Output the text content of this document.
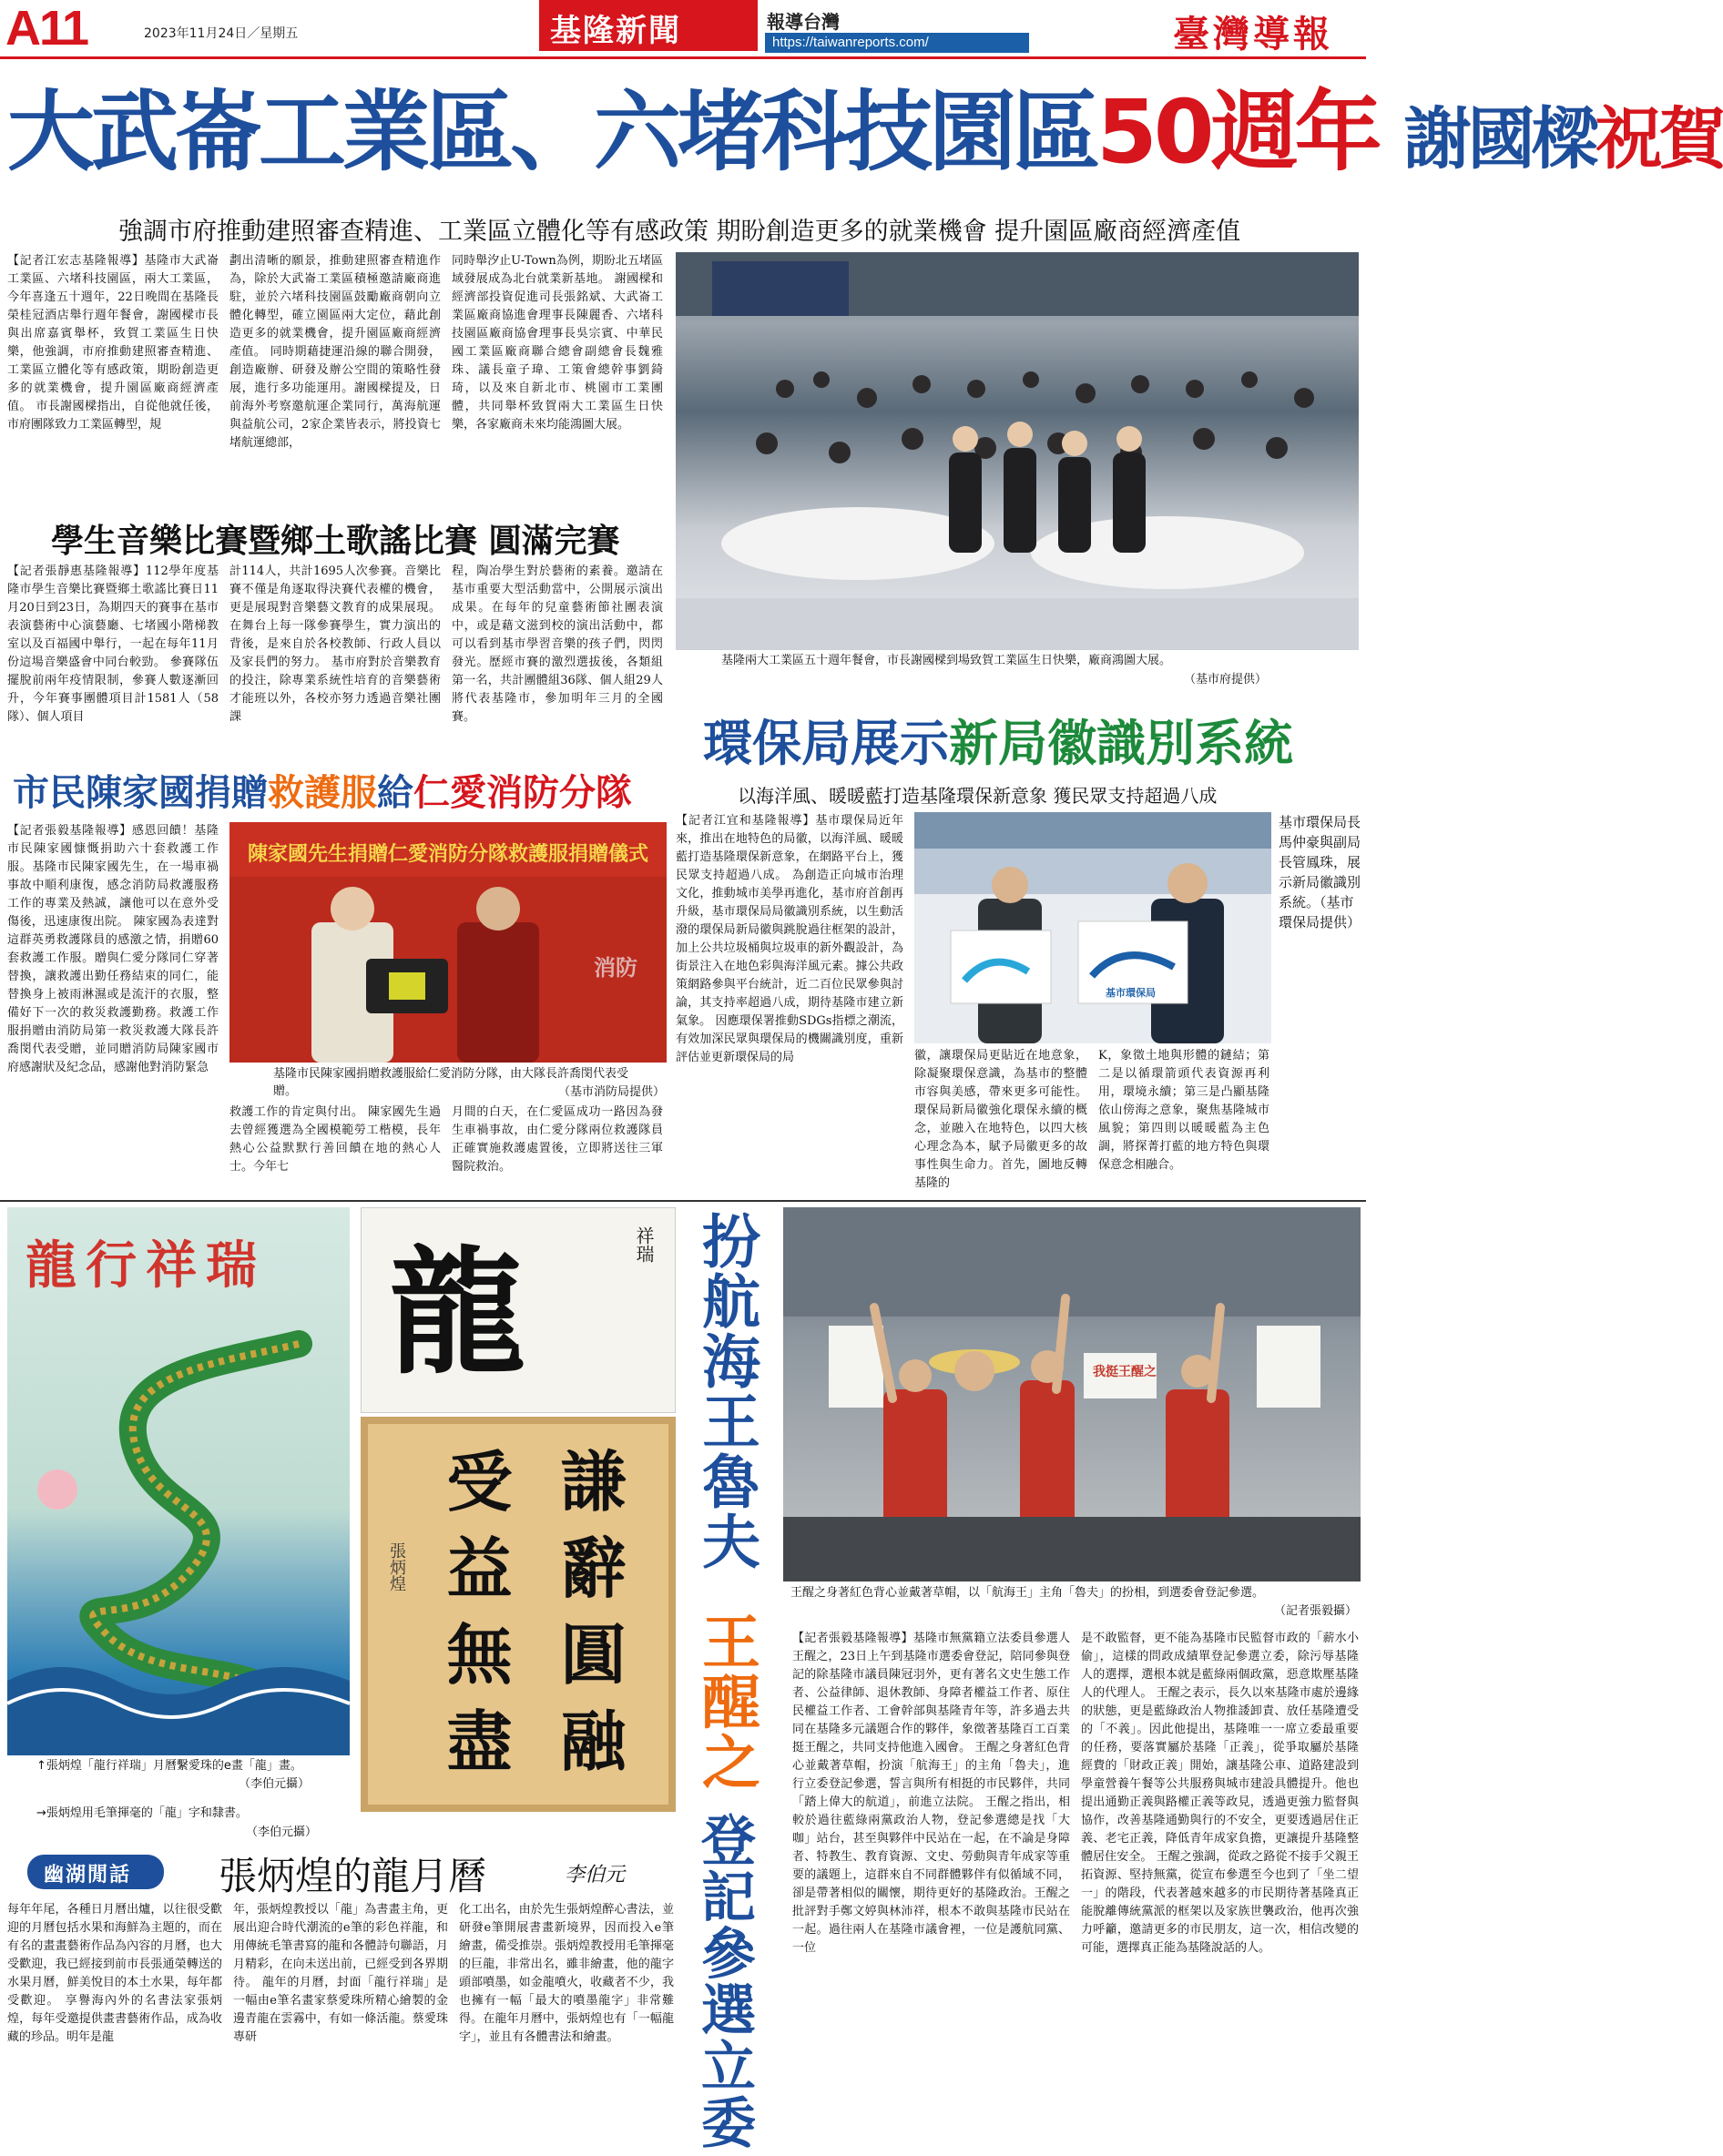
A11	2023年11月24日／星期五	基隆新聞	報導台灣
https://taiwanreports.com/	臺灣導報
大武崙工業區、六堵科技園區50週年 謝國樑祝賀
強調市府推動建照審查精進、工業區立體化等有感政策 期盼創造更多的就業機會 提升園區廠商經濟產值
【記者江宏志基隆報導】基隆市大武崙工業區、六堵科技園區，兩大工業區，今年喜逢五十週年，22日晚間在基隆長榮桂冠酒店舉行週年餐會，謝國樑市長與出席嘉賓舉杯，致賀工業區生日快樂，他強調，市府推動建照審查精進、工業區立體化等有感政策，期盼創造更多的就業機會，提升園區廠商經濟產值。 市長謝國樑指出，自從他就任後，市府團隊致力工業區轉型，規
劃出清晰的願景，推動建照審查精進作為，除於大武崙工業區積極邀請廠商進駐，並於六堵科技園區鼓勵廠商朝向立體化轉型，確立園區兩大定位，藉此創造更多的就業機會，提升園區廠商經濟產值。 同時期藉捷運沿線的聯合開發，創造廠辦、研發及辦公空間的策略性發展，進行多功能運用。謝國樑提及，日前海外考察邀航運企業同行，萬海航運與益航公司，2家企業皆表示，將投資七堵航運總部，
同時舉汐止U-Town為例，期盼北五堵區域發展成為北台就業新基地。 謝國樑和經濟部投資促進司長張銘斌、大武崙工業區廠商協進會理事長陳麗香、六堵科技園區廠商協會理事長吳宗賓、中華民國工業區廠商聯合總會副總會長魏雅珠、議長童子瑋、工策會總幹事劉錡琦，以及來自新北市、桃園市工業團體，共同舉杯致賀兩大工業區生日快樂，各家廠商未來均能鴻圖大展。
基隆兩大工業區五十週年餐會，市長謝國樑到場致賀工業區生日快樂，廠商鴻圖大展。
（基市府提供）
學生音樂比賽暨鄉土歌謠比賽 圓滿完賽
【記者張靜惠基隆報導】112學年度基隆市學生音樂比賽暨鄉土歌謠比賽日11月20日到23日，為期四天的賽事在基市表演藝術中心演藝廳、七堵國小階梯教室以及百福國中舉行，一起在每年11月份這場音樂盛會中同台較勁。 參賽隊伍擺脫前兩年疫情限制，參賽人數逐漸回升，今年賽事團體項目計1581人（58隊）、個人項目
計114人，共計1695人次參賽。音樂比賽不僅是角逐取得決賽代表權的機會，更是展現對音樂藝文教育的成果展現。在舞台上每一隊參賽學生，實力演出的背後，是來自於各校教師、行政人員以及家長們的努力。 基市府對於音樂教育的投注，除專業系統性培育的音樂藝術才能班以外，各校亦努力透過音樂社團課
程，陶冶學生對於藝術的素養。邀請在基市重要大型活動當中，公開展示演出成果。在每年的兒童藝術節社團表演中，或是藉文滋到校的演出活動中，都可以看到基市學習音樂的孩子們，閃閃發光。歷經市賽的激烈選拔後，各類組第一名，共計團體組36隊、個人組29人將代表基隆市，參加明年三月的全國賽。
市民陳家國捐贈救護服給仁愛消防分隊
【記者張毅基隆報導】感恩回饋！基隆市民陳家國慷慨捐助六十套救護工作服。基隆市民陳家國先生，在一場車禍事故中順利康復，感念消防局救護服務工作的專業及熱誠，讓他可以在意外受傷後，迅速康復出院。 陳家國為表達對這群英勇救護隊員的感激之情，捐贈60套救護工作服。贈與仁愛分隊同仁穿著替換，讓救護出勤任務結束的同仁，能替換身上被雨淋濕或是流汗的衣服，整備好下一次的救災救護勤務。救護工作服捐贈由消防局第一救災救護大隊長許喬閔代表受贈，並同贈消防局陳家國市府感謝狀及紀念品，感謝他對消防緊急
陳家國先生捐贈仁愛消防分隊救護服捐贈儀式
消防
基隆市民陳家國捐贈救護服給仁愛消防分隊，由大隊長許喬閔代表受贈。	（基市消防局提供）
救護工作的肯定與付出。 陳家國先生過去曾經獲選為全國模範勞工楷模，長年熱心公益默默行善回饋在地的熱心人士。今年七
月間的白天，在仁愛區成功一路因為發生車禍事故，由仁愛分隊兩位救護隊員正確實施救護處置後，立即將送往三軍醫院救治。
環保局展示新局徽識別系統
以海洋風、暖暖藍打造基隆環保新意象 獲民眾支持超過八成
【記者江宜和基隆報導】基市環保局近年來，推出在地特色的局徽，以海洋風、暖暖藍打造基隆環保新意象，在網路平台上，獲民眾支持超過八成。 為創造正向城市治理文化，推動城市美學再進化，基市府首創再升級，基市環保局局徽識別系統，以生動活潑的環保局新局徽與跳脫過往框架的設計，加上公共垃圾桶與垃圾車的新外觀設計，為街景注入在地色彩與海洋風元素。據公共政策網路參與平台統計，近二百位民眾參與討論，其支持率超過八成，期待基隆市建立新氣象。 因應環保署推動SDGs指標之潮流，有效加深民眾與環保局的機關識別度，重新評估並更新環保局的局
基市環保局
基市環保局長馬仲豪與副局長管鳳珠，展示新局徽識別系統。（基市環保局提供）
徽，讓環保局更貼近在地意象，除凝聚環保意識，為基市的整體市容與美感，帶來更多可能性。 環保局新局徽強化環保永續的概念，並融入在地特色，以四大核心理念為本，賦予局徽更多的故事性與生命力。首先，圖地反轉基隆的
K，象徵土地與形體的鏈結；第二是以循環箭頭代表資源再利用，環境永續；第三是凸顯基隆依山傍海之意象，聚焦基隆城市風貌；第四則以暖暖藍為主色調，將探菁打藍的地方特色與環保意念相融合。
龍行祥瑞
↑張炳煌「龍行祥瑞」月曆繫愛珠的e畫「龍」畫。
（李伯元攝）
龍	祥瑞
謙
辭
圓
融
受
益
無
盡
張炳煌
→張炳煌用毛筆揮毫的「龍」字和隸書。
（李伯元攝）
幽湖閒話 張炳煌的龍月曆	李伯元
每年年尾，各種日月曆出爐，以往很受歡迎的月曆包括水果和海鮮為主題的，而在有名的畫畫藝術作品為內容的月曆，也大受歡迎，我已經接到前市長張通榮轉送的水果月曆，鮮美悅目的本土水果，每年都受歡迎。 享譽海內外的名書法家張炳煌，每年受邀提供畫書藝術作品，成為收藏的珍品。明年是龍
年，張炳煌教授以「龍」為書畫主角，更展出迎合時代潮流的e筆的彩色祥龍，和用傳統毛筆書寫的龍和各體詩句聯語，月月精彩，在向未送出前，已經受到各界期待。 龍年的月曆，封面「龍行祥瑞」是一幅由e筆名畫家蔡愛珠所精心繪製的金邊青龍在雲霧中，有如一條活龍。蔡愛珠專研
化工出名，由於先生張炳煌醉心書法，並研發e筆開展書畫新境界，因而投入e筆繪畫，備受推崇。張炳煌教授用毛筆揮毫的巨龍，非常出名，雖非繪畫，他的龍字頭部噴墨，如金龍噴火，收藏者不少，我也擁有一幅「最大的噴墨龍字」非常難得。在龍年月曆中，張炳煌也有「一幅龍字」，並且有各體書法和繪畫。
扮航海王魯夫
王醒之
登記參選立委
我挺王醒之
王醒之身著紅色背心並戴著草帽，以「航海王」主角「魯夫」的扮相，到選委會登記參選。
（記者張毅攝）
【記者張毅基隆報導】基隆市無黨籍立法委員參選人王醒之，23日上午到基隆市選委會登記，陪同參與登記的除基隆市議員陳冠羽外，更有著名文史生態工作者、公益律師、退休教師、身障者權益工作者、原住民權益工作者、工會幹部與基隆青年等，許多過去共同在基隆多元議題合作的夥伴，象徵著基隆百工百業挺王醒之，共同支持他進入國會。 王醒之身著紅色背心並戴著草帽，扮演「航海王」的主角「魯夫」，進行立委登記參選，誓言與所有相挺的市民夥伴，共同「踏上偉大的航道」，前進立法院。 王醒之指出，相較於過往藍綠兩黨政治人物，登記參選總是找「大咖」站台，甚至與夥伴中民站在一起，在不論是身障者、特教生、教育資源、文史、勞動與青年成家等重要的議題上，這群來自不同群體夥伴有似循域不同，卻是帶著相似的關懷，期待更好的基隆政治。王醒之批評對手鄭文婷與林沛祥，根本不敢與基隆市民站在一起。過往兩人在基隆市議會裡，一位是護航同黨、一位
是不敢監督，更不能為基隆市民監督市政的「薪水小偷」，這樣的問政成績單登記參選立委，除污辱基隆人的選擇，選根本就是藍綠兩個政黨，惡意欺壓基隆人的代理人。 王醒之表示，長久以來基隆市處於邊緣的狀態，更是藍綠政治人物推諉卸責、放任基隆遭受的「不義」。因此他提出，基隆唯一一席立委最重要的任務，要落實屬於基隆「正義」，從爭取屬於基隆經費的「財政正義」開始，讓基隆公車、道路建設到學童營養午餐等公共服務與城市建設具體提升。他也提出通勤正義與路權正義等政見，透過更強力監督與協作，改善基隆通勤與行的不安全，更要透過居住正義、老宅正義，降低青年成家負擔，更讓提升基隆整體居住安全。 王醒之強調，從政之路從不接手父親王拓資源、堅持無黨，從宣布參選至今也到了「坐二望一」的階段，代表著越來越多的市民期待著基隆真正能脫離傳統黨派的框架以及家族世襲政治，他再次強力呼籲，邀請更多的市民朋友，這一次，相信改變的可能，選擇真正能為基隆說話的人。
